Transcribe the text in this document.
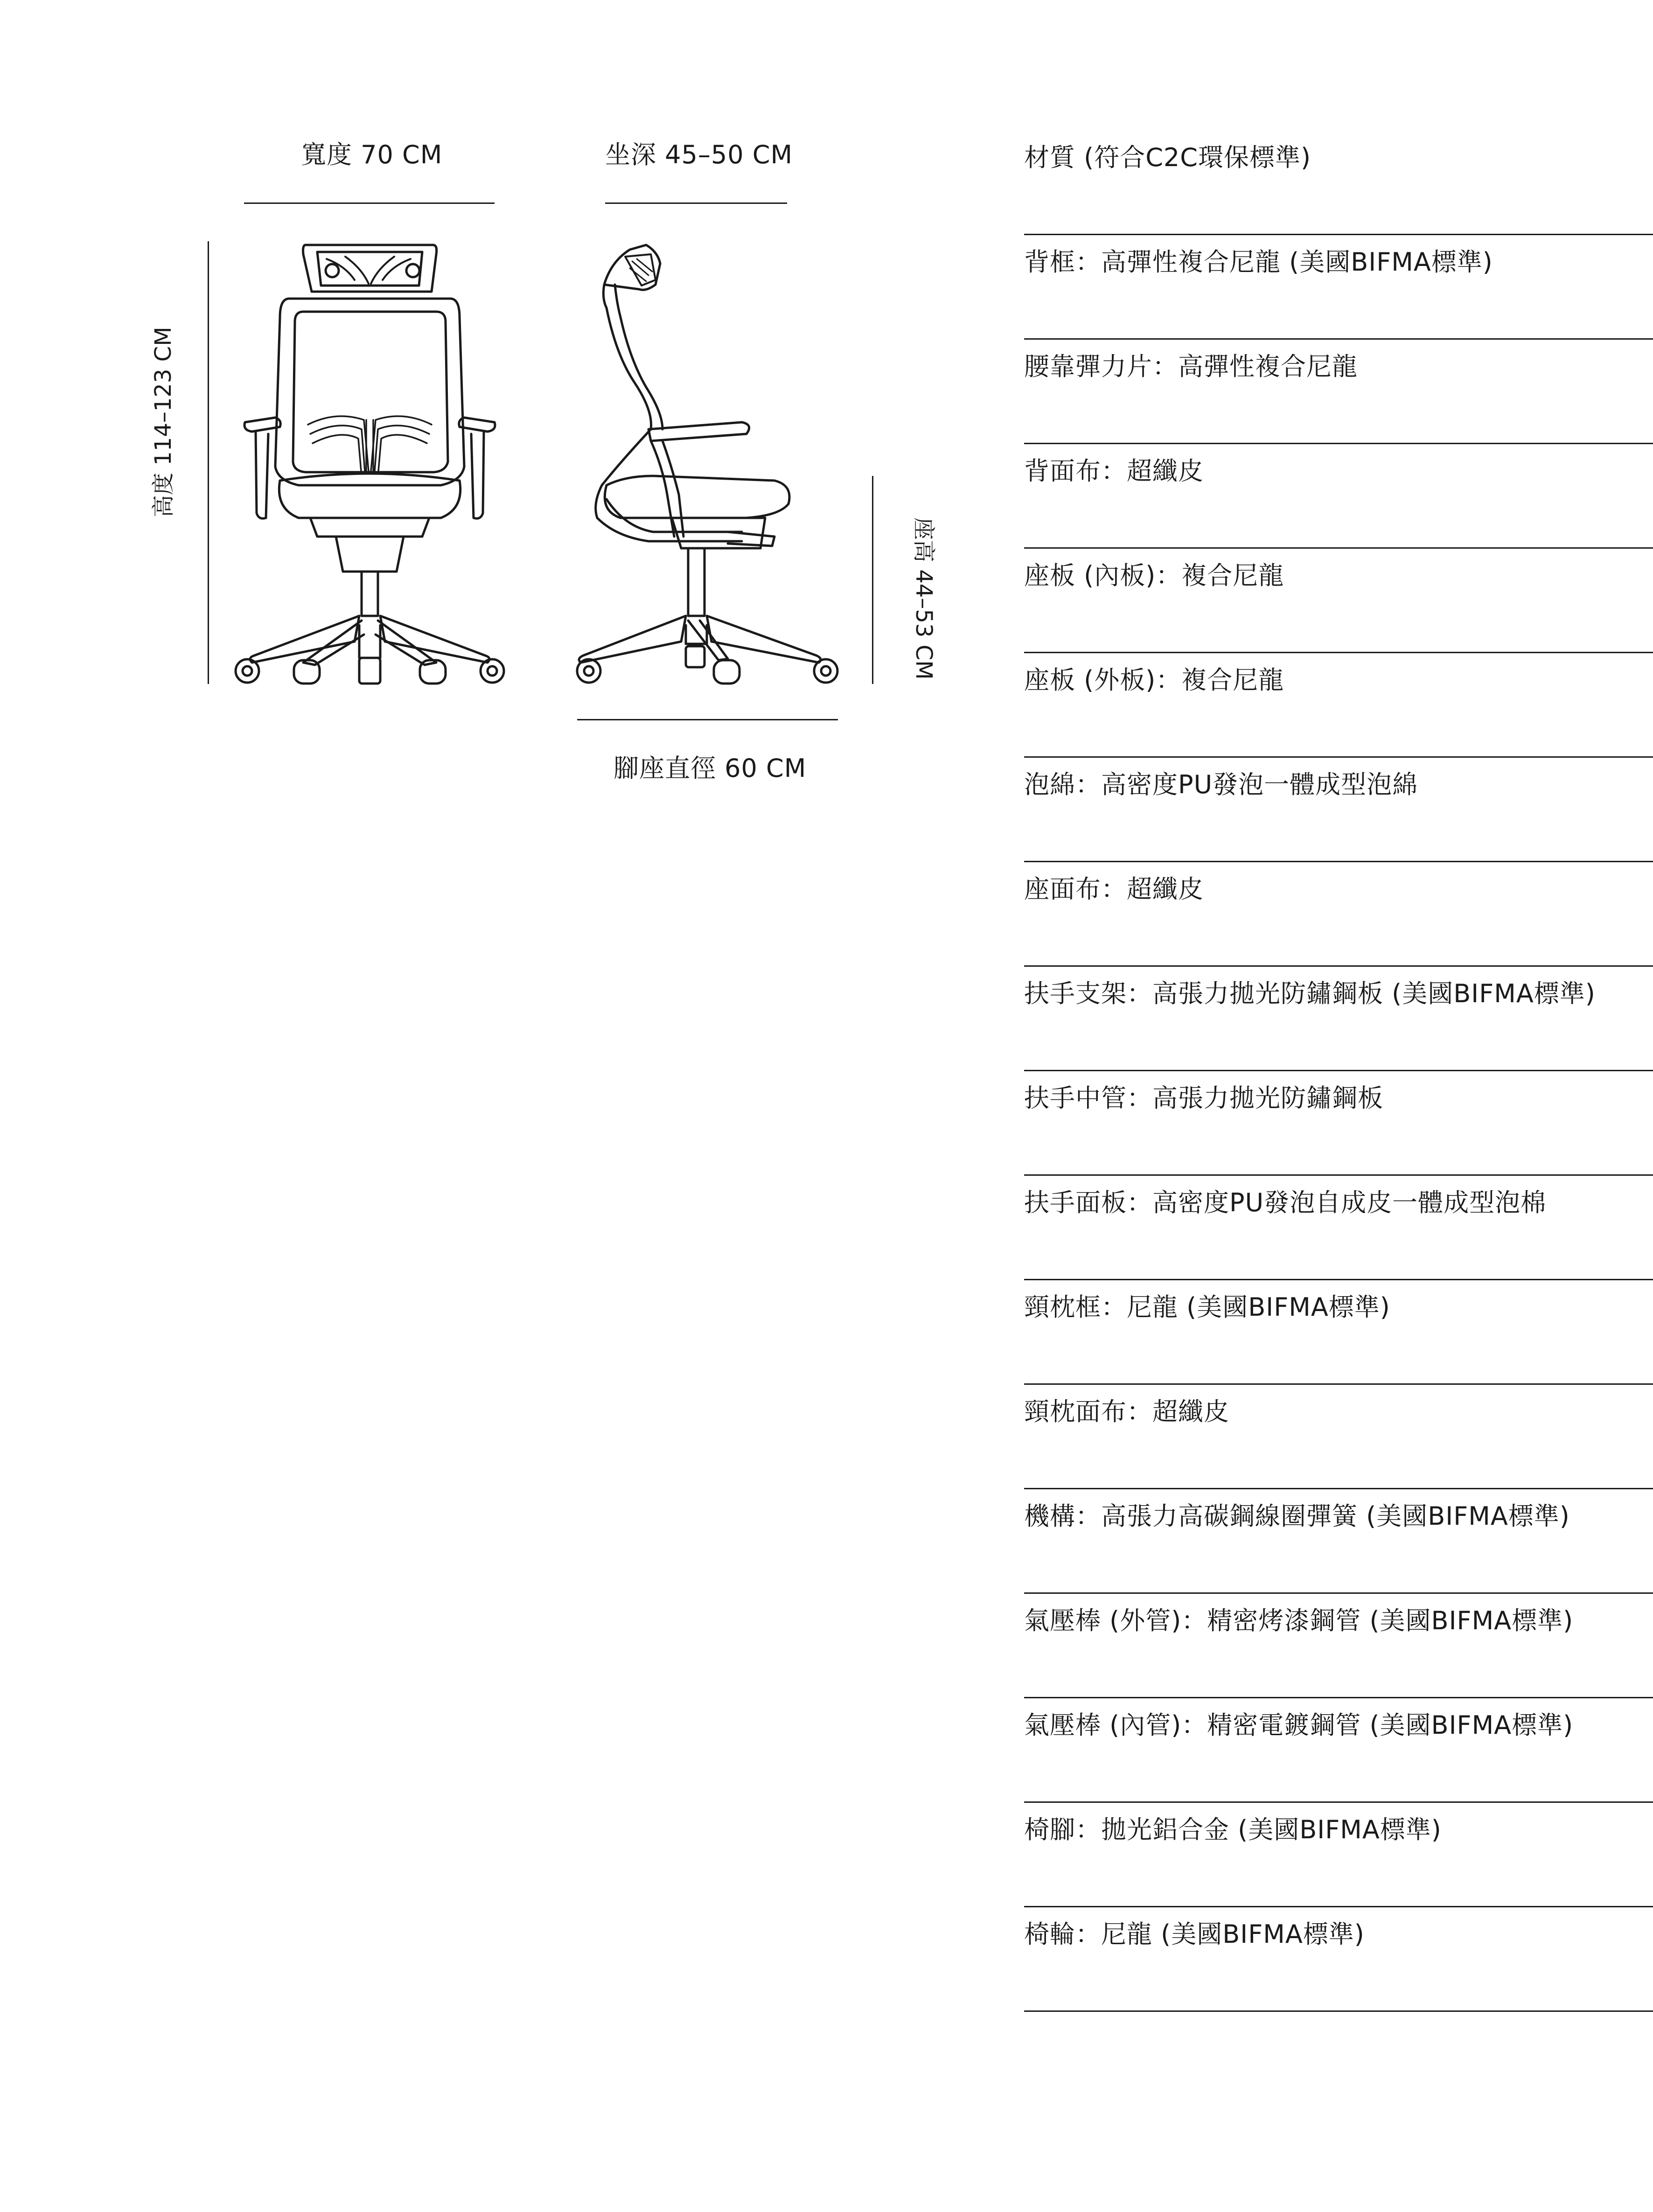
寬度 70 CM	坐深 45–50 CM
高度 114–123 CM
座高 44–53 CM
腳座直徑 60 CM
材質 (符合C2C環保標準)
背框：高彈性複合尼龍 (美國BIFMA標準)
腰靠彈力片：高彈性複合尼龍
背面布：超纖皮
座板 (內板)：複合尼龍
座板 (外板)：複合尼龍
泡綿：高密度PU發泡一體成型泡綿
座面布：超纖皮
扶手支架：高張力拋光防鏽鋼板 (美國BIFMA標準)
扶手中管：高張力拋光防鏽鋼板
扶手面板：高密度PU發泡自成皮一體成型泡棉
頸枕框：尼龍 (美國BIFMA標準)
頸枕面布：超纖皮
機構：高張力高碳鋼線圈彈簧 (美國BIFMA標準)
氣壓棒 (外管)：精密烤漆鋼管 (美國BIFMA標準)
氣壓棒 (內管)：精密電鍍鋼管 (美國BIFMA標準)
椅腳：拋光鋁合金 (美國BIFMA標準)
椅輪：尼龍 (美國BIFMA標準)
